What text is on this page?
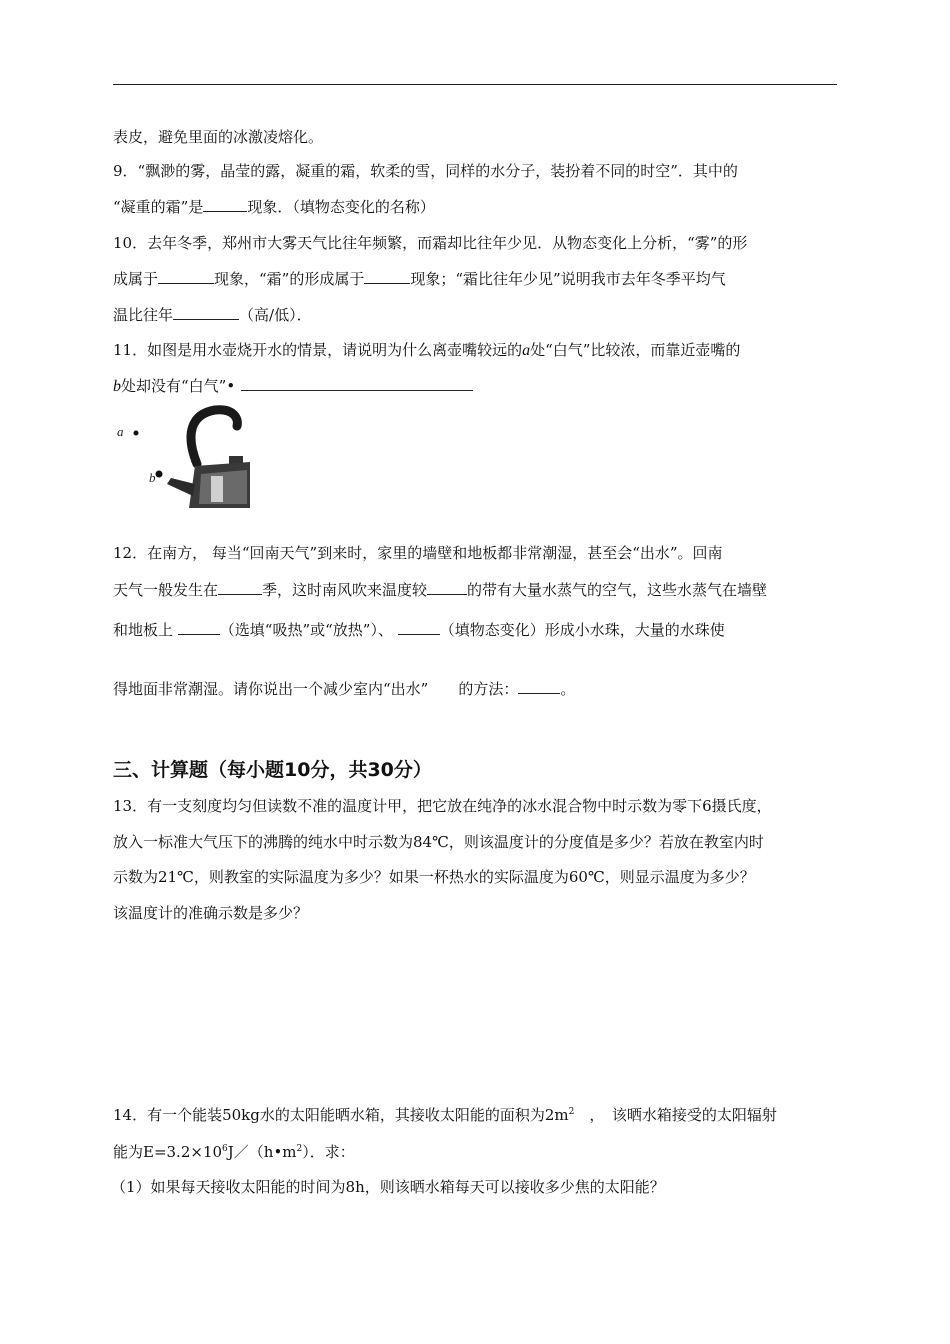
表皮，避免里面的冰激凌熔化。
9．“飘渺的雾，晶莹的露，凝重的霜，软柔的雪，同样的水分子，装扮着不同的时空”．其中的
“凝重的霜”是	现象．（填物态变化的名称）
10．去年冬季，郑州市大雾天气比往年频繁，而霜却比往年少见．从物态变化上分析，“雾”的形
成属于	现象，“霜”的形成属于	现象；“霜比往年少见”说明我市去年冬季平均气
温比往年	（高/低）．
11．如图是用水壶烧开水的情景，请说明为什么离壶嘴较远的a处“白气”比较浓，而靠近壶嘴的
b处却没有“白气”•
a
b
12．在南方， 每当“回南天气”到来时，家里的墙壁和地板都非常潮湿，甚至会“出水”。回南
天气一般发生在	季，这时南风吹来温度较	的带有大量水蒸气的空气，这些水蒸气在墙壁
和地板上	（选填“吸热”或“放热”）、	（填物态变化）形成小水珠，大量的水珠使
得地面非常潮湿。请你说出一个减少室内“出水”　　的方法：	。
三、计算题（每小题10分，共30分）
13．有一支刻度均匀但读数不准的温度计甲，把它放在纯净的冰水混合物中时示数为零下6摄氏度，
放入一标准大气压下的沸腾的纯水中时示数为84℃，则该温度计的分度值是多少？若放在教室内时
示数为21℃，则教室的实际温度为多少？如果一杯热水的实际温度为60℃，则显示温度为多少？
该温度计的准确示数是多少？
14．有一个能装50kg水的太阳能晒水箱，其接收太阳能的面积为$2m^2$　，　该晒水箱接受的太阳辐射
能为$E=3.2\times 10^6J/(h•m^2)$．求：
（1）如果每天接收太阳能的时间为8h，则该晒水箱每天可以接收多少焦的太阳能？
